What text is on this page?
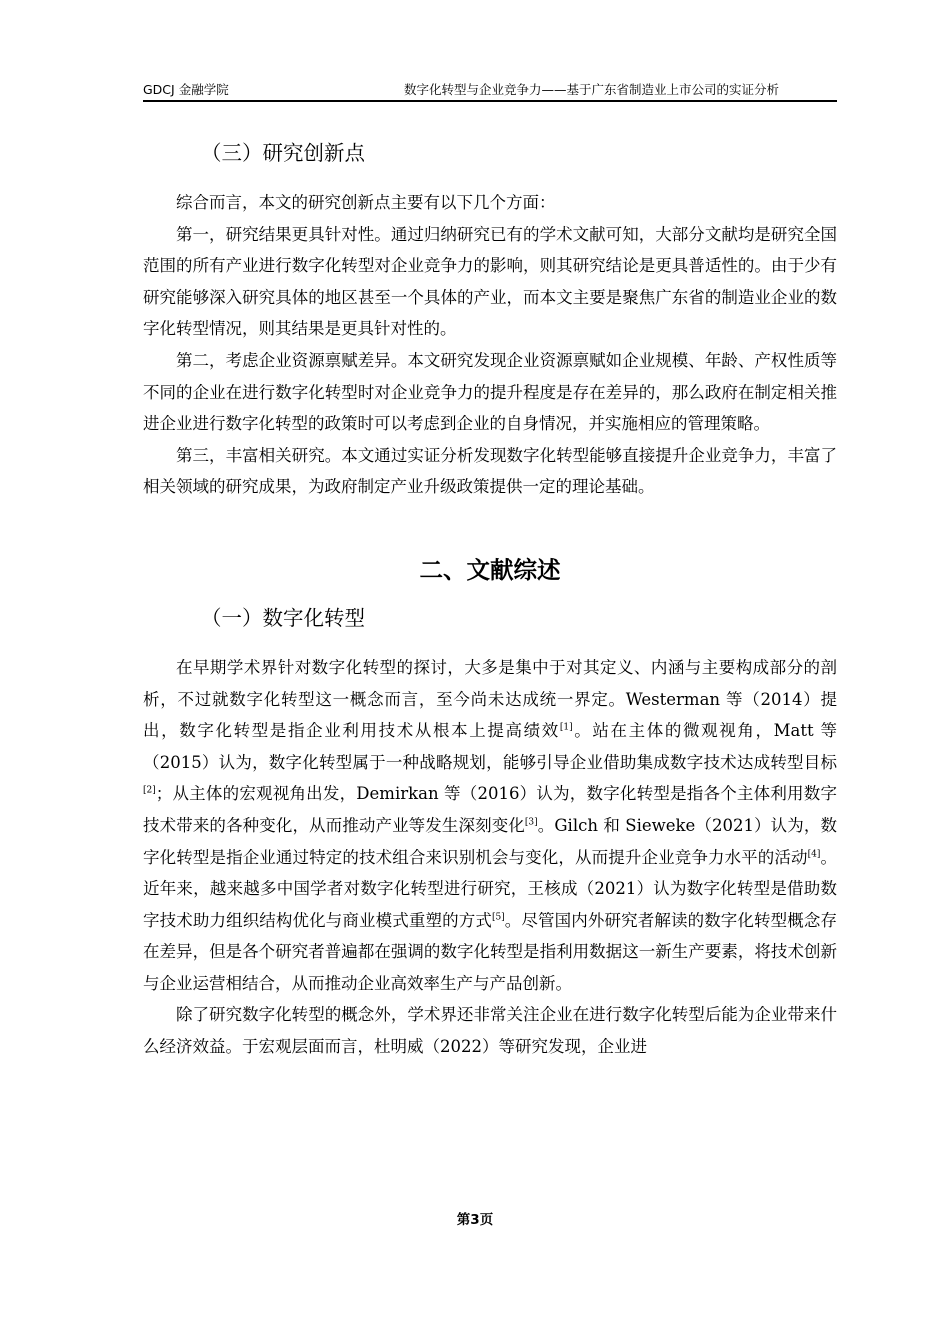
GDCJ 金融学院	数字化转型与企业竞争力——基于广东省制造业上市公司的实证分析
（三）研究创新点

综合而言，本文的研究创新点主要有以下几个方面：

第一，研究结果更具针对性。通过归纳研究已有的学术文献可知，大部分文献均是研究全国范围的所有产业进行数字化转型对企业竞争力的影响，则其研究结论是更具普适性的。由于少有研究能够深入研究具体的地区甚至一个具体的产业，而本文主要是聚焦广东省的制造业企业的数字化转型情况，则其结果是更具针对性的。

第二，考虑企业资源禀赋差异。本文研究发现企业资源禀赋如企业规模、年龄、产权性质等不同的企业在进行数字化转型时对企业竞争力的提升程度是存在差异的，那么政府在制定相关推进企业进行数字化转型的政策时可以考虑到企业的自身情况，并实施相应的管理策略。

第三，丰富相关研究。本文通过实证分析发现数字化转型能够直接提升企业竞争力，丰富了相关领域的研究成果，为政府制定产业升级政策提供一定的理论基础。

二、文献综述
（一）数字化转型

在早期学术界针对数字化转型的探讨，大多是集中于对其定义、内涵与主要构成部分的剖析，不过就数字化转型这一概念而言，至今尚未达成统一界定。Westerman 等（2014）提出，数字化转型是指企业利用技术从根本上提高绩效[1]。站在主体的微观视角，Matt 等（2015）认为，数字化转型属于一种战略规划，能够引导企业借助集成数字技术达成转型目标[2]；从主体的宏观视角出发，Demirkan 等（2016）认为，数字化转型是指各个主体利用数字技术带来的各种变化，从而推动产业等发生深刻变化[3]。Gilch 和 Sieweke（2021）认为，数字化转型是指企业通过特定的技术组合来识别机会与变化，从而提升企业竞争力水平的活动[4]。近年来，越来越多中国学者对数字化转型进行研究，王核成（2021）认为数字化转型是借助数字技术助力组织结构优化与商业模式重塑的方式[5]。尽管国内外研究者解读的数字化转型概念存在差异，但是各个研究者普遍都在强调的数字化转型是指利用数据这一新生产要素，将技术创新与企业运营相结合，从而推动企业高效率生产与产品创新。

除了研究数字化转型的概念外，学术界还非常关注企业在进行数字化转型后能为企业带来什么经济效益。于宏观层面而言，杜明威（2022）等研究发现，企业进

第3页
